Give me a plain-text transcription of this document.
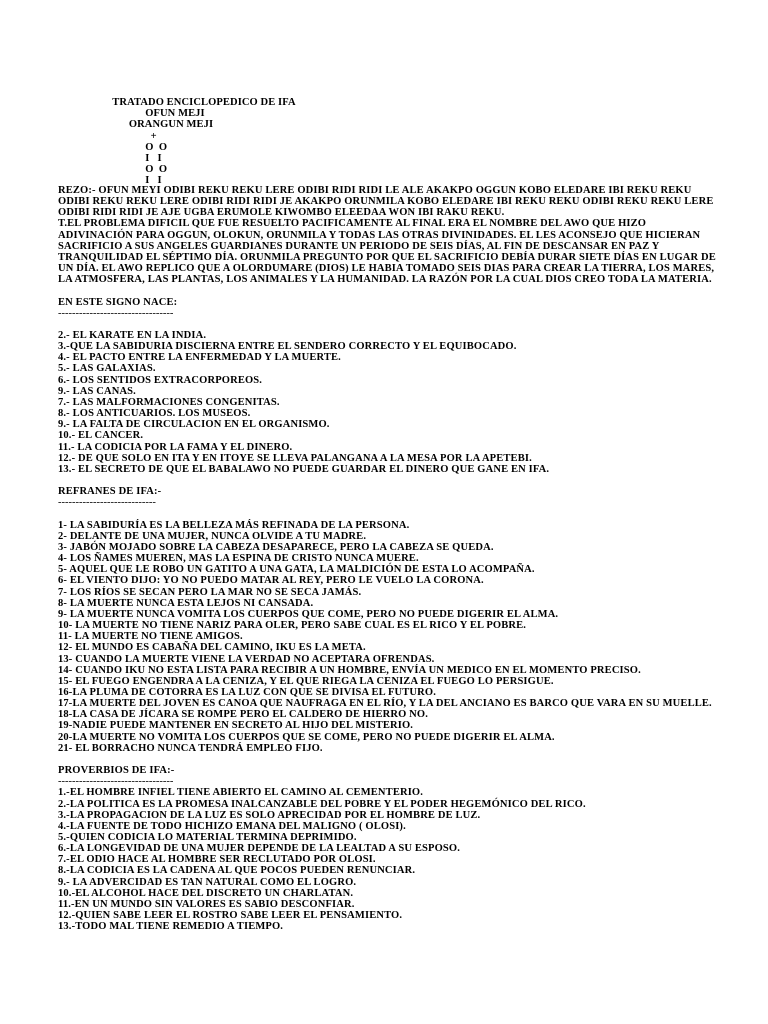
TRATADO ENCICLOPEDICO DE IFA
OFUN MEJI
ORANGUN MEJI
+
O  O
I   I
O  O
I   I

REZO:- OFUN MEYI ODIBI REKU REKU LERE ODIBI RIDI RIDI LE ALE AKAKPO OGGUN KOBO ELEDARE IBI REKU REKU ODIBI REKU REKU LERE ODIBI RIDI RIDI JE AKAKPO ORUNMILA KOBO ELEDARE IBI REKU REKU ODIBI REKU REKU LERE ODIBI RIDI RIDI JE AJE UGBA ERUMOLE KIWOMBO ELEEDAA WON IBI RAKU REKU.

T.EL PROBLEMA DIFICIL QUE FUE RESUELTO PACIFICAMENTE AL FINAL ERA EL NOMBRE DEL AWO QUE HIZO ADIVINACIÓN PARA OGGUN, OLOKUN, ORUNMILA Y TODAS LAS OTRAS DIVINIDADES. EL LES ACONSEJO QUE HICIERAN SACRIFICIO A SUS ANGELES GUARDIANES DURANTE UN PERIODO DE SEIS DÍAS, AL FIN DE DESCANSAR EN PAZ Y TRANQUILIDAD EL SÉPTIMO DÍA. ORUNMILA PREGUNTO POR QUE EL SACRIFICIO DEBÍA DURAR SIETE DÍAS EN LUGAR DE UN DÍA. EL AWO REPLICO QUE A OLORDUMARE (DIOS) LE HABIA TOMADO SEIS DIAS PARA CREAR LA TIERRA, LOS MARES, LA ATMOSFERA, LAS PLANTAS, LOS ANIMALES Y LA HUMANIDAD. LA RAZÓN POR LA CUAL DIOS CREO TODA LA MATERIA.

EN ESTE SIGNO NACE:

---------------------------------

2.- EL KARATE EN LA INDIA.

3.-QUE LA SABIDURIA DISCIERNA ENTRE EL SENDERO CORRECTO Y EL EQUIBOCADO.

4.- EL PACTO ENTRE LA ENFERMEDAD Y LA MUERTE.

5.- LAS GALAXIAS.

6.- LOS SENTIDOS EXTRACORPOREOS.

9.- LAS CANAS.

7.- LAS MALFORMACIONES CONGENITAS.

8.- LOS ANTICUARIOS. LOS MUSEOS.

9.- LA FALTA DE CIRCULACION EN EL ORGANISMO.

10.- EL CANCER.

11.- LA CODICIA POR LA FAMA Y EL DINERO.

12.- DE QUE SOLO EN ITA Y EN ITOYE SE LLEVA PALANGANA A LA MESA POR LA APETEBI.

13.- EL SECRETO DE QUE EL BABALAWO NO PUEDE GUARDAR EL DINERO QUE GANE EN IFA.

REFRANES DE IFA:-

----------------------------

1- LA SABIDURÍA ES LA BELLEZA MÁS REFINADA DE LA PERSONA.

2- DELANTE DE UNA MUJER, NUNCA OLVIDE A TU MADRE.

3- JABÓN MOJADO SOBRE LA CABEZA DESAPARECE, PERO LA CABEZA SE QUEDA.

4- LOS ÑAMES MUEREN, MAS LA ESPINA DE CRISTO NUNCA MUERE.

5- AQUEL QUE LE ROBO UN GATITO A UNA GATA, LA MALDICIÓN DE ESTA LO ACOMPAÑA.

6- EL VIENTO DIJO: YO NO PUEDO MATAR AL REY, PERO LE VUELO LA CORONA.

7- LOS RÍOS SE SECAN PERO LA MAR NO SE SECA JAMÁS.

8- LA MUERTE NUNCA ESTA LEJOS NI CANSADA.

9- LA MUERTE NUNCA VOMITA LOS CUERPOS QUE COME, PERO NO PUEDE DIGERIR EL ALMA.

10- LA MUERTE NO TIENE NARIZ PARA OLER, PERO SABE CUAL ES EL RICO Y EL POBRE.

11- LA MUERTE NO TIENE AMIGOS.

12- EL MUNDO ES CABAÑA DEL CAMINO, IKU ES LA META.

13- CUANDO LA MUERTE VIENE LA VERDAD NO ACEPTARA OFRENDAS.

14- CUANDO IKU NO ESTA LISTA PARA RECIBIR A UN HOMBRE, ENVÍA UN MEDICO EN EL MOMENTO PRECISO.

15- EL FUEGO ENGENDRA A LA CENIZA, Y EL QUE RIEGA LA CENIZA EL FUEGO LO PERSIGUE.

16-LA PLUMA DE COTORRA ES LA LUZ CON QUE SE DIVISA EL FUTURO.

17-LA MUERTE DEL JOVEN ES CANOA QUE NAUFRAGA EN EL RÍO, Y LA DEL ANCIANO ES BARCO QUE VARA EN SU MUELLE.

18-LA CASA DE JÍCARA SE ROMPE PERO EL CALDERO DE HIERRO NO.

19-NADIE PUEDE MANTENER EN SECRETO AL HIJO DEL MISTERIO.

20-LA MUERTE NO VOMITA LOS CUERPOS QUE SE COME, PERO NO PUEDE DIGERIR EL ALMA.

21- EL BORRACHO NUNCA TENDRÁ EMPLEO FIJO.

PROVERBIOS DE IFA:-

---------------------------------

1.-EL HOMBRE INFIEL TIENE ABIERTO EL CAMINO AL CEMENTERIO.

2.-LA POLITICA ES LA PROMESA INALCANZABLE DEL POBRE Y EL PODER HEGEMÓNICO DEL RICO.

3.-LA PROPAGACION DE LA LUZ ES SOLO APRECIDAD POR EL HOMBRE DE LUZ.

4.-LA FUENTE DE TODO HICHIZO EMANA DEL MALIGNO ( OLOSI).

5.-QUIEN CODICIA LO MATERIAL TERMINA DEPRIMIDO.

6.-LA LONGEVIDAD DE UNA MUJER DEPENDE DE LA LEALTAD A SU ESPOSO.

7.-EL ODIO HACE AL HOMBRE SER RECLUTADO POR OLOSI.

8.-LA CODICIA ES LA CADENA AL QUE POCOS PUEDEN RENUNCIAR.

9.- LA ADVERCIDAD ES TAN NATURAL COMO EL LOGRO.

10.-EL ALCOHOL HACE DEL DISCRETO UN CHARLATAN.

11.-EN UN MUNDO SIN VALORES ES SABIO DESCONFIAR.

12.-QUIEN SABE LEER EL ROSTRO SABE LEER EL PENSAMIENTO.

13.-TODO MAL TIENE REMEDIO A TIEMPO.
